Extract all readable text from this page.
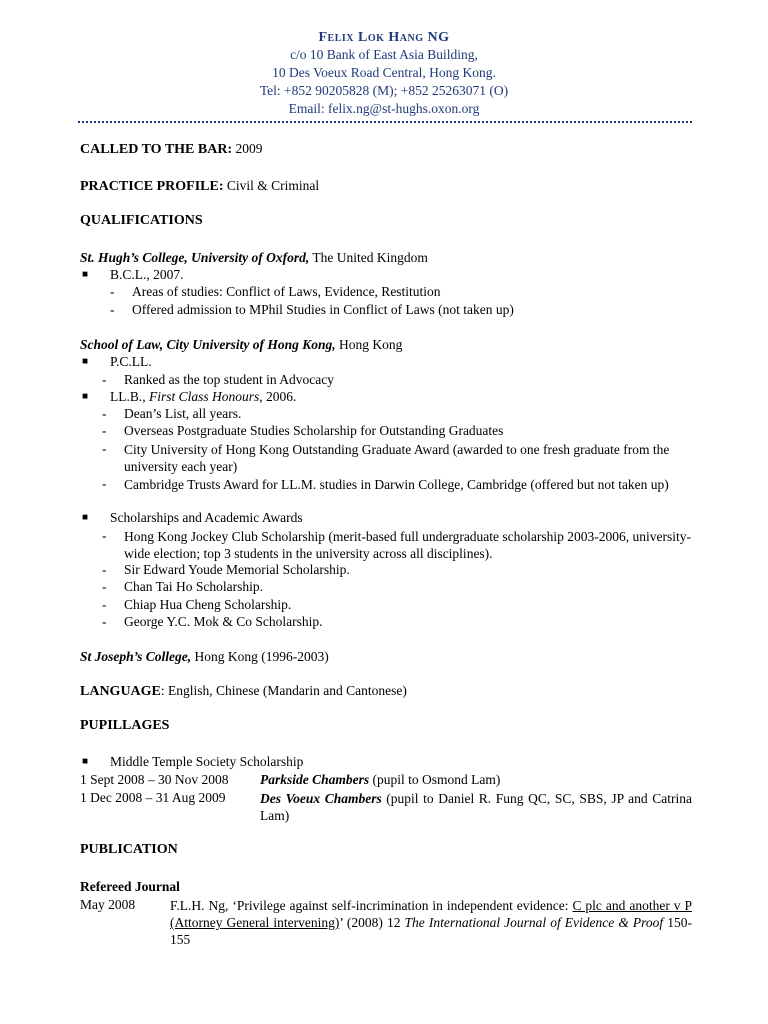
Felix Lok Hang NG
c/o 10 Bank of East Asia Building,
10 Des Voeux Road Central, Hong Kong.
Tel: +852 90205828 (M); +852 25263071 (O)
Email: felix.ng@st-hughs.oxon.org
CALLED TO THE BAR: 2009
PRACTICE PROFILE: Civil & Criminal
QUALIFICATIONS
St. Hugh’s College, University of Oxford, The United Kingdom
■ B.C.L., 2007.
- Areas of studies: Conflict of Laws, Evidence, Restitution
- Offered admission to MPhil Studies in Conflict of Laws (not taken up)
School of Law, City University of Hong Kong, Hong Kong
■ P.C.LL.
- Ranked as the top student in Advocacy
■ LL.B., First Class Honours, 2006.
- Dean’s List, all years.
- Overseas Postgraduate Studies Scholarship for Outstanding Graduates
- City University of Hong Kong Outstanding Graduate Award (awarded to one fresh graduate from the university each year)
- Cambridge Trusts Award for LL.M. studies in Darwin College, Cambridge (offered but not taken up)
■ Scholarships and Academic Awards
- Hong Kong Jockey Club Scholarship (merit-based full undergraduate scholarship 2003-2006, university-wide election; top 3 students in the university across all disciplines).
- Sir Edward Youde Memorial Scholarship.
- Chan Tai Ho Scholarship.
- Chiap Hua Cheng Scholarship.
- George Y.C. Mok & Co Scholarship.
St Joseph’s College, Hong Kong (1996-2003)
LANGUAGE: English, Chinese (Mandarin and Cantonese)
PUPILLAGES
■ Middle Temple Society Scholarship
1 Sept 2008 – 30 Nov 2008 Parkside Chambers (pupil to Osmond Lam)
1 Dec 2008 – 31 Aug 2009	Des Voeux Chambers (pupil to Daniel R. Fung QC, SC, SBS, JP and Catrina Lam)
PUBLICATION
Refereed Journal
May 2008	F.L.H. Ng, ‘Privilege against self-incrimination in independent evidence: C plc and another v P (Attorney General intervening)’ (2008) 12 The International Journal of Evidence & Proof 150-155
